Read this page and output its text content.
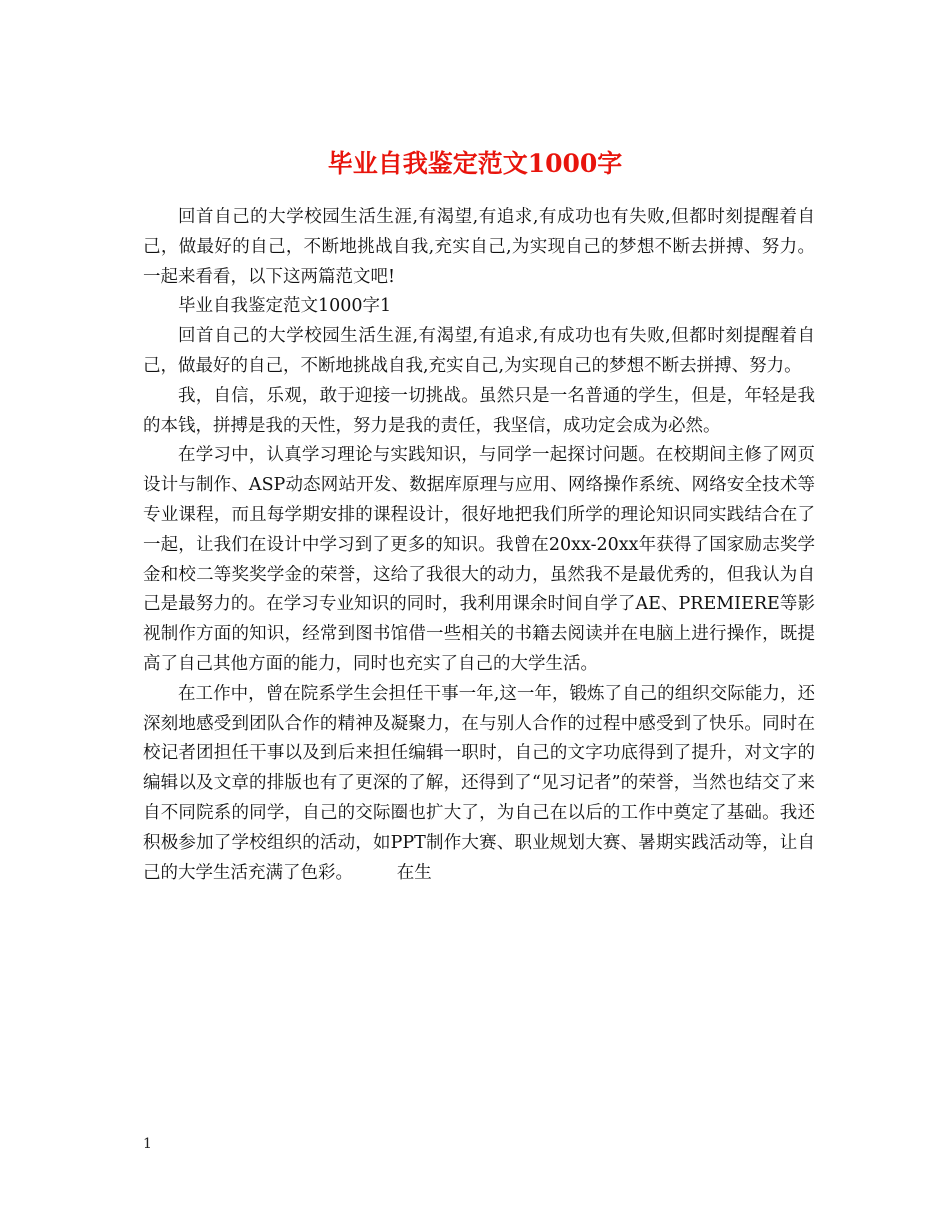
毕业自我鉴定范文1000字

回首自己的大学校园生活生涯,有渴望,有追求,有成功也有失败,但都时刻提醒着自己，做最好的自己，不断地挑战自我,充实自己,为实现自己的梦想不断去拼搏、努力。一起来看看，以下这两篇范文吧!

毕业自我鉴定范文1000字1

回首自己的大学校园生活生涯,有渴望,有追求,有成功也有失败,但都时刻提醒着自己，做最好的自己，不断地挑战自我,充实自己,为实现自己的梦想不断去拼搏、努力。

我，自信，乐观，敢于迎接一切挑战。虽然只是一名普通的学生，但是，年轻是我的本钱，拼搏是我的天性，努力是我的责任，我坚信，成功定会成为必然。

在学习中，认真学习理论与实践知识，与同学一起探讨问题。在校期间主修了网页设计与制作、ASP动态网站开发、数据库原理与应用、网络操作系统、网络安全技术等专业课程，而且每学期安排的课程设计，很好地把我们所学的理论知识同实践结合在了一起，让我们在设计中学习到了更多的知识。我曾在20xx-20xx年获得了国家励志奖学金和校二等奖奖学金的荣誉，这给了我很大的动力，虽然我不是最优秀的，但我认为自己是最努力的。在学习专业知识的同时，我利用课余时间自学了AE、PREMIERE等影视制作方面的知识，经常到图书馆借一些相关的书籍去阅读并在电脑上进行操作，既提高了自己其他方面的能力，同时也充实了自己的大学生活。

在工作中，曾在院系学生会担任干事一年,这一年，锻炼了自己的组织交际能力，还深刻地感受到团队合作的精神及凝聚力，在与别人合作的过程中感受到了快乐。同时在校记者团担任干事以及到后来担任编辑一职时，自己的文字功底得到了提升，对文字的编辑以及文章的排版也有了更深的了解，还得到了“见习记者”的荣誉，当然也结交了来自不同院系的同学，自己的交际圈也扩大了，为自己在以后的工作中奠定了基础。我还积极参加了学校组织的活动，如PPT制作大赛、职业规划大赛、暑期实践活动等，让自己的大学生活充满了色彩。　　　在生

1
